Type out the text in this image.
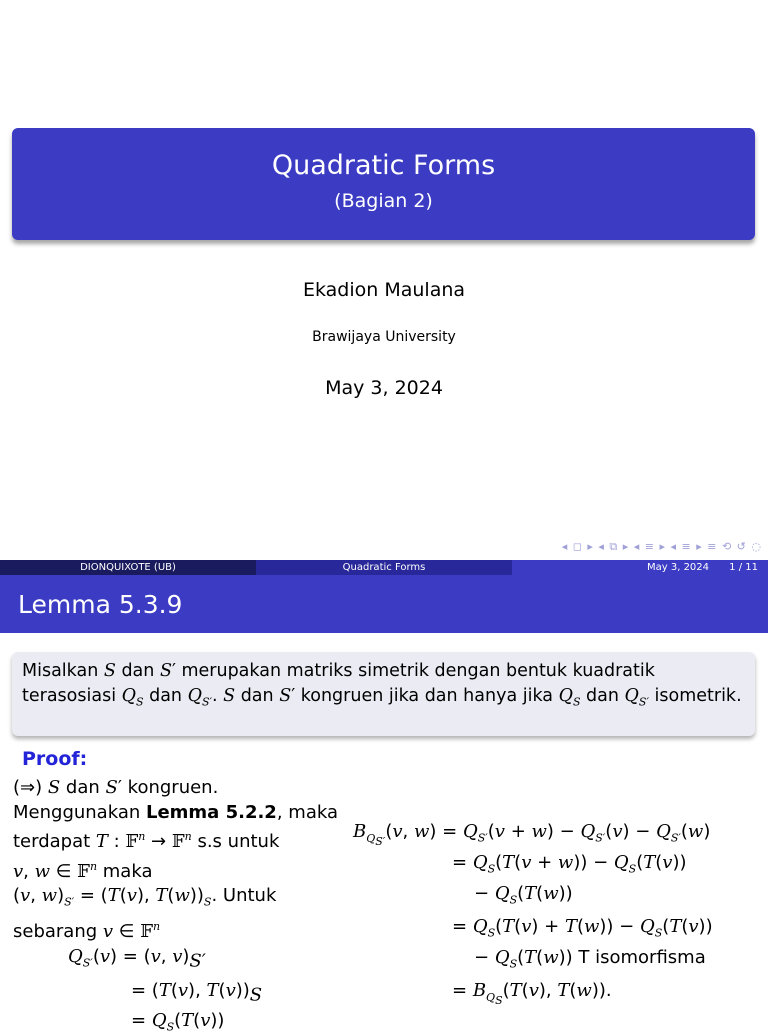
Quadratic Forms
(Bagian 2)
Ekadion Maulana
Brawijaya University
May 3, 2024
◂ ◻ ▸ ◂ ⧉ ▸ ◂ ≡ ▸ ◂ ≡ ▸ ≡ ⟲ ↺ ◌
DIONQUIXOTE (UB)	Quadratic Forms	May 3, 2024 1 / 11
Lemma 5.3.9
Misalkan S dan S′ merupakan matriks simetrik dengan bentuk kuadratik terasosiasi $Q_S$ dan $Q_{S'}$. S dan S′ kongruen jika dan hanya jika $Q_S$ dan $Q_{S'}$ isometrik.
Proof:
(⇒) S dan S′ kongruen.
Menggunakan Lemma 5.2.2, maka
terdapat T : 𝔽$^n$ → 𝔽$^n$ s.s untuk
v, w ∈ 𝔽$^n$ maka
(v, $w)_{S'} = (T(v)$, $T(w))_S$. Untuk
sebarang v ∈ 𝔽$^n$
$Q_{S'}(v) = (v$, $v)_{S'}$
= (T(v), $T(v))_S$
= $Q_S(T(v))$
$B_{Q_{S'}}(v$, $w) = Q_{S'}(v + w) - Q_{S'}(v) - Q_{S'}(w)$
= $Q_S(T(v + w)) - Q_S(T(v))$
− $Q_S(T(w))$
= $Q_S(T(v) + T(w)) - Q_S(T(v))$
− $Q_S(T(w))$ T isomorfisma
= $B_{Q_S}(T(v)$, T(w)).
